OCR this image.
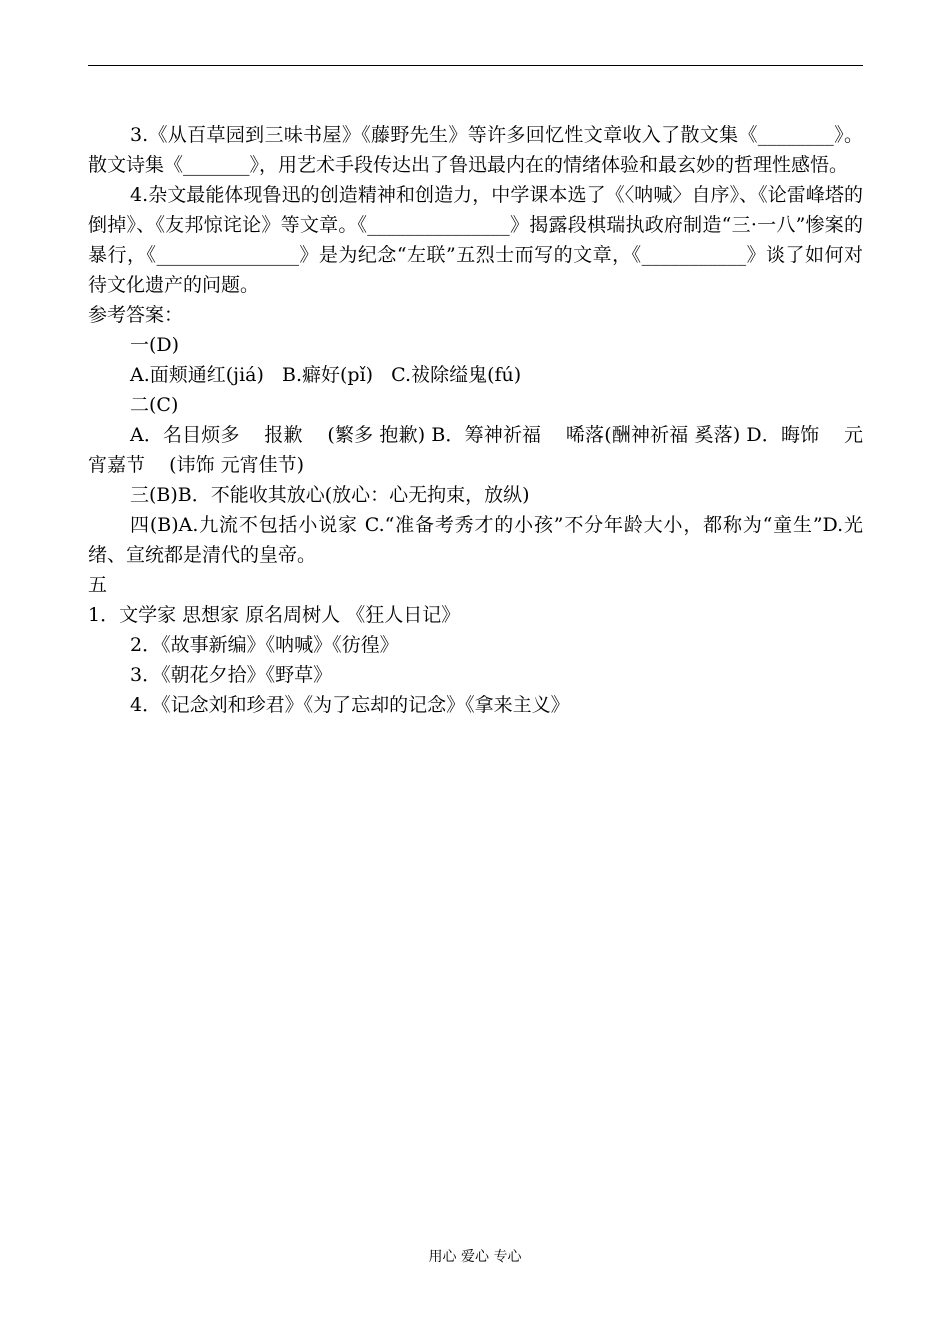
3.《从百草园到三味书屋》《藤野先生》等许多回忆性文章收入了散文集《________》。散文诗集《_______》，用艺术手段传达出了鲁迅最内在的情绪体验和最玄妙的哲理性感悟。

4.杂文最能体现鲁迅的创造精神和创造力，中学课本选了《〈呐喊〉自序》、《论雷峰塔的倒掉》、《友邦惊诧论》等文章。《_______________》揭露段棋瑞执政府制造“三·一八”惨案的暴行，《_______________》是为纪念“左联”五烈士而写的文章，《___________》谈了如何对待文化遗产的问题。

参考答案：

一(D)

A.面颊通红(jiá)   B.癖好(pǐ)   C.祓除缢鬼(fú)

二(C)

A．名目烦多    报歉    (繁多 抱歉) B．筹神祈福    唏落(酬神祈福 奚落) D．晦饰    元宵嘉节    (讳饰 元宵佳节)

三(B)B．不能收其放心(放心：心无拘束，放纵)

四(B)A.九流不包括小说家 C.“准备考秀才的小孩”不分年龄大小，都称为“童生”D.光绪、宣统都是清代的皇帝。

五

1．文学家 思想家 原名周树人 《狂人日记》

2．《故事新编》《呐喊》《彷徨》

3．《朝花夕拾》《野草》

4．《记念刘和珍君》《为了忘却的记念》《拿来主义》

用心 爱心 专心
